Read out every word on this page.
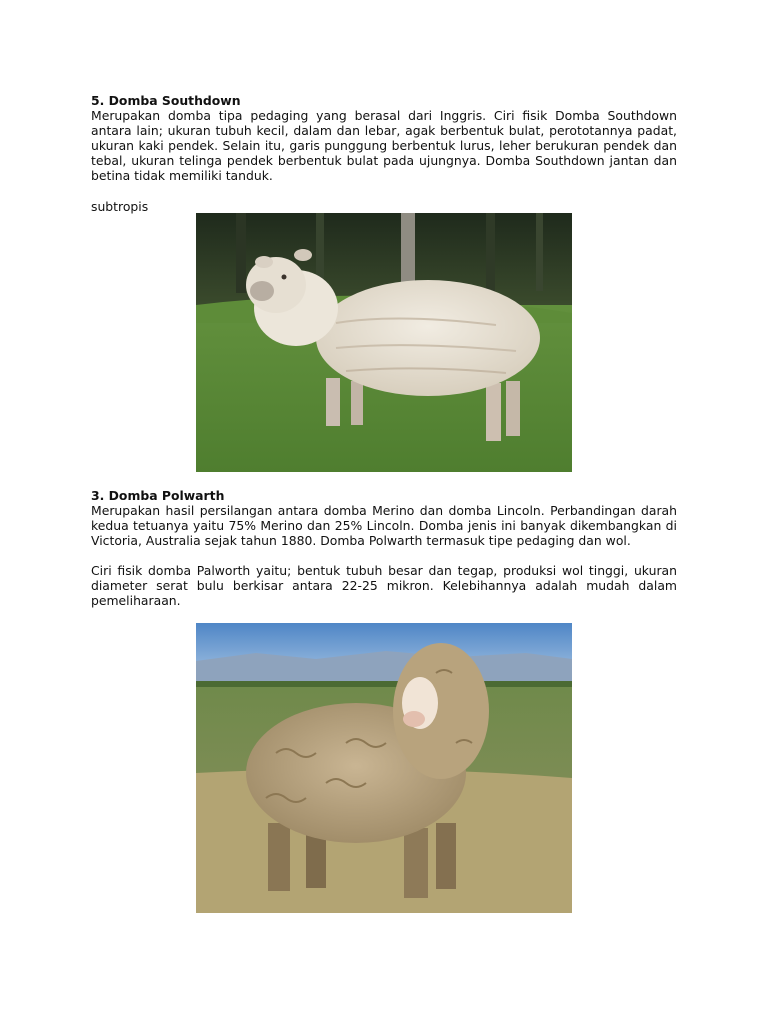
5. Domba Southdown

Merupakan domba tipa pedaging yang berasal dari Inggris. Ciri fisik Domba Southdown antara lain; ukuran tubuh kecil, dalam dan lebar, agak berbentuk bulat, perototannya padat, ukuran kaki pendek. Selain itu, garis punggung berbentuk lurus, leher berukuran pendek dan tebal, ukuran telinga pendek berbentuk bulat pada ujungnya. Domba Southdown jantan dan betina tidak memiliki tanduk.

subtropis
3. Domba Polwarth

Merupakan hasil persilangan antara domba Merino dan domba Lincoln. Perbandingan darah kedua tetuanya yaitu 75% Merino dan 25% Lincoln. Domba jenis ini banyak dikembangkan di Victoria, Australia sejak tahun 1880. Domba Polwarth termasuk tipe pedaging dan wol.

Ciri fisik domba Palworth yaitu; bentuk tubuh besar dan tegap, produksi wol tinggi, ukuran diameter serat bulu berkisar antara 22-25 mikron. Kelebihannya adalah mudah dalam pemeliharaan.
